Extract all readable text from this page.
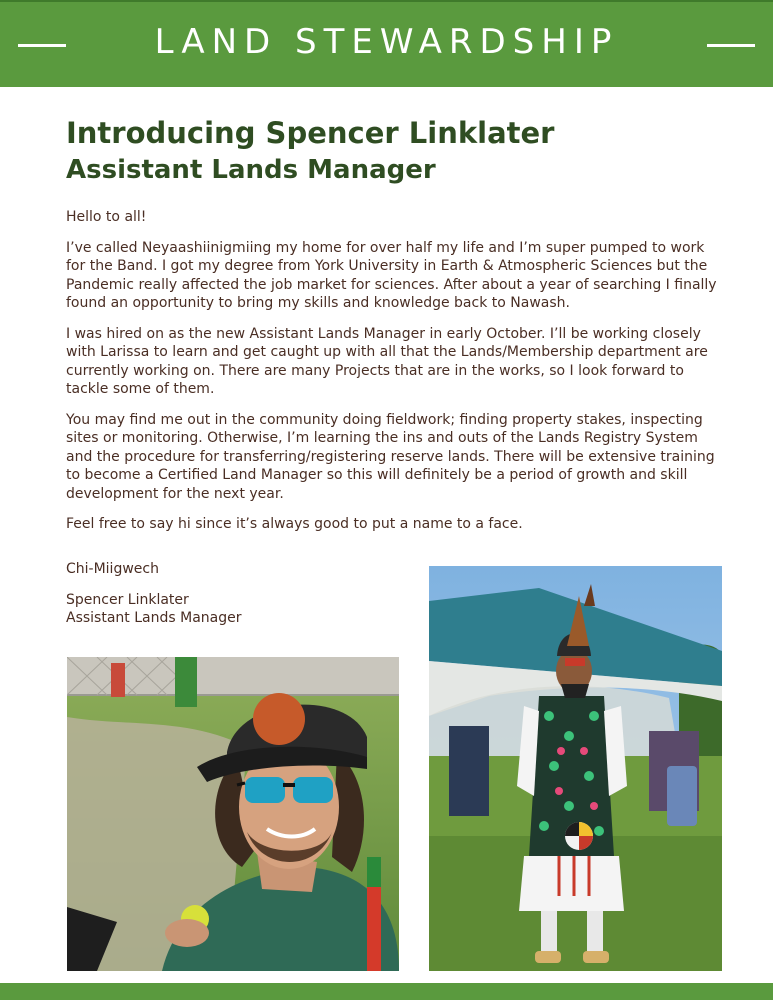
LAND STEWARDSHIP
Introducing Spencer Linklater
Assistant Lands Manager

Hello to all!

I’ve called Neyaashiinigmiing my home for over half my life and I’m super pumped to work for the Band. I got my degree from York University in Earth & Atmospheric Sciences but the Pandemic really affected the job market for sciences. After about a year of searching I finally found an opportunity to bring my skills and knowledge back to Nawash.

I was hired on as the new Assistant Lands Manager in early October. I’ll be working closely with Larissa to learn and get caught up with all that the Lands/Membership department are currently working on. There are many Projects that are in the works, so I look forward to tackle some of them.

You may find me out in the community doing fieldwork; finding property stakes, inspecting sites or monitoring. Otherwise, I’m learning the ins and outs of the Lands Registry System and the procedure for transferring/registering reserve lands. There will be extensive training to become a Certified Land Manager so this will definitely be a period of growth and skill development for the next year.

Feel free to say hi since it’s always good to put a name to a face.

Chi-Miigwech

Spencer Linklater
Assistant Lands Manager
